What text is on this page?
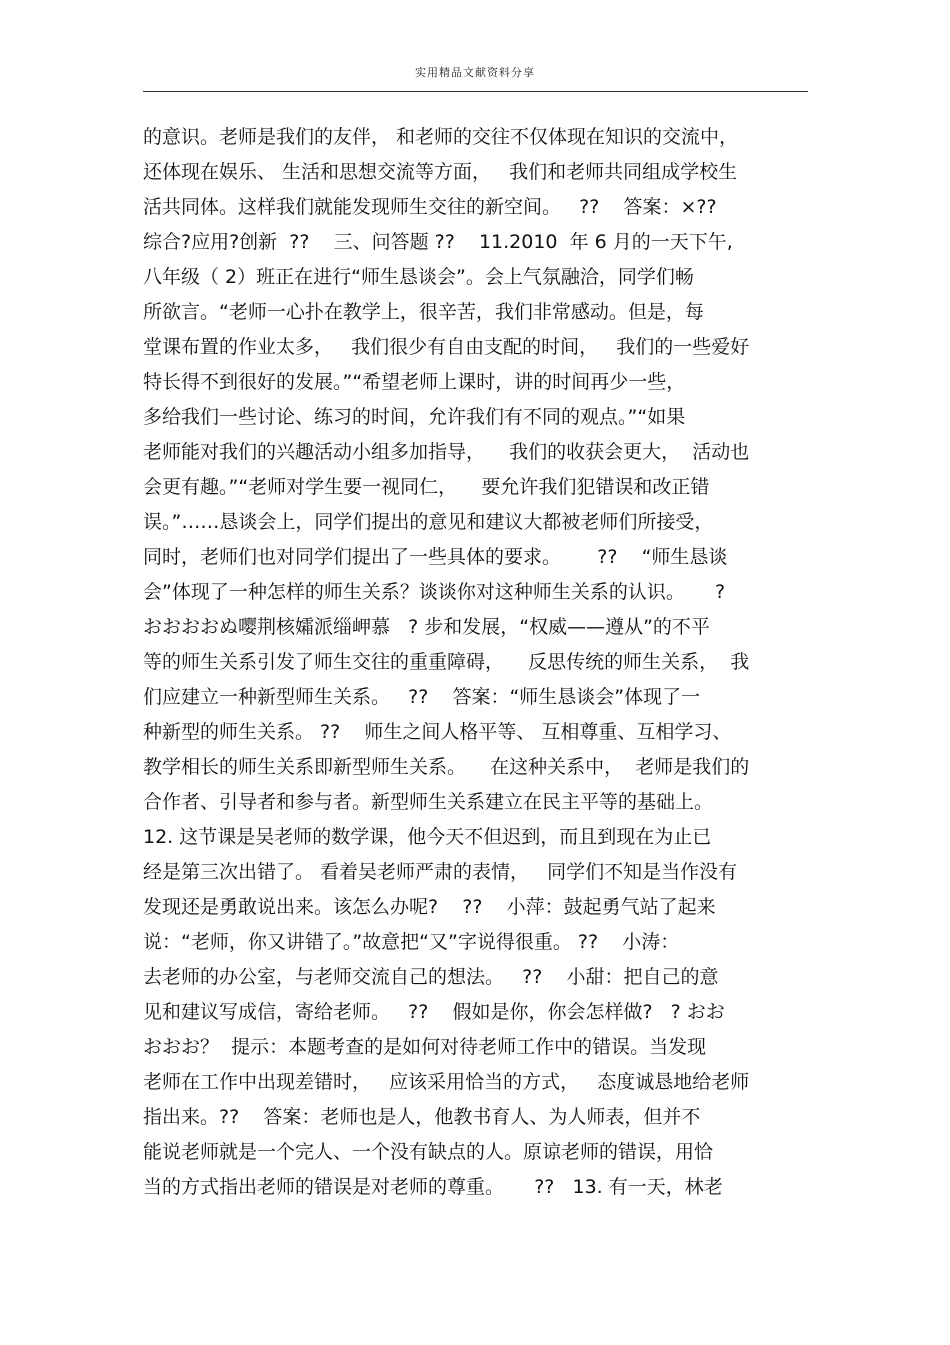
实用精品文献资料分享
的意识。老师是我们的友伴， 和老师的交往不仅体现在知识的交流中，
还体现在娱乐、 生活和思想交流等方面，   我们和老师共同组成学校生
活共同体。这样我们就能发现师生交往的新空间。   ??    答案：×??
综合?应用?创新  ??    三、问答题 ??    11.2010  年 6 月的一天下午,
八年级（ 2）班正在进行“师生恳谈会”。会上气氛融洽，同学们畅
所欲言。“老师一心扑在教学上，很辛苦，我们非常感动。但是，每
堂课布置的作业太多，   我们很少有自由支配的时间，   我们的一些爱好
特长得不到很好的发展。”“希望老师上课时，讲的时间再少一些，
多给我们一些讨论、练习的时间，允许我们有不同的观点。”“如果
老师能对我们的兴趣活动小组多加指导，    我们的收获会更大，  活动也
会更有趣。”“老师对学生要一视同仁，    要允许我们犯错误和改正错
误。”……恳谈会上，同学们提出的意见和建议大都被老师们所接受，
同时，老师们也对同学们提出了一些具体的要求。      ??    “师生恳谈
会”体现了一种怎样的师生关系？谈谈你对这种师生关系的认识。     ?
おおおおぬ嘤荆核孀派缁岬慕   ? 步和发展，“权威——遵从”的不平
等的师生关系引发了师生交往的重重障碍，    反思传统的师生关系，  我
们应建立一种新型师生关系。   ??    答案：“师生恳谈会”体现了一
种新型的师生关系。 ??    师生之间人格平等、 互相尊重、互相学习、
教学相长的师生关系即新型师生关系。    在这种关系中，  老师是我们的
合作者、引导者和参与者。新型师生关系建立在民主平等的基础上。
12. 这节课是吴老师的数学课，他今天不但迟到，而且到现在为止已
经是第三次出错了。 看着吴老师严肃的表情，   同学们不知是当作没有
发现还是勇敢说出来。该怎么办呢?    ??    小萍：鼓起勇气站了起来
说：“老师，你又讲错了。”故意把“又”字说得很重。 ??    小涛：
去老师的办公室，与老师交流自己的想法。   ??    小甜：把自己的意
见和建议写成信，寄给老师。   ??    假如是你，你会怎样做?   ? おお
おおお？  提示：本题考查的是如何对待老师工作中的错误。当发现
老师在工作中出现差错时，   应该采用恰当的方式，   态度诚恳地给老师
指出来。??    答案：老师也是人，他教书育人、为人师表，但并不
能说老师就是一个完人、一个没有缺点的人。原谅老师的错误，用恰
当的方式指出老师的错误是对老师的尊重。     ??   13. 有一天，林老
